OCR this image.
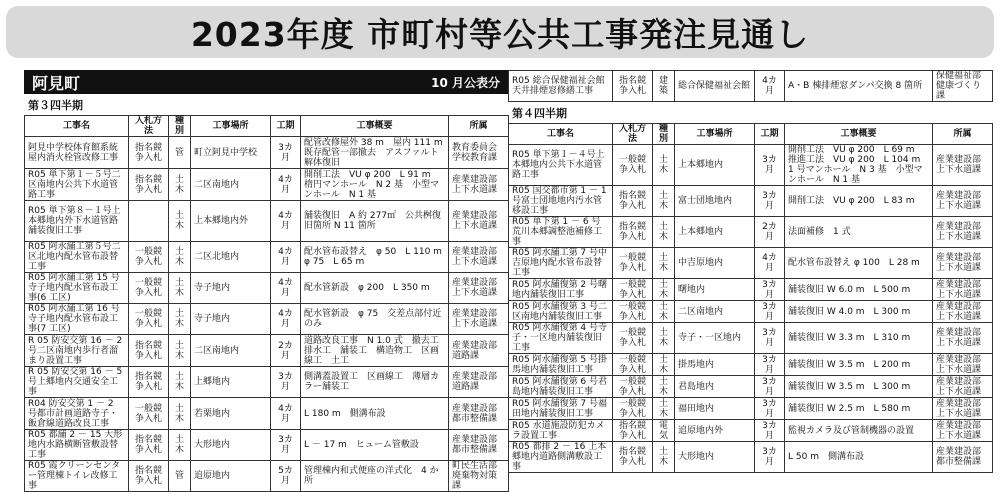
2023年度 市町村等公共工事発注見通し
阿見町	10 月公表分
第３四半期
工事名	入札方法	種別	工事場所	工期	工事概要	所属
阿見中学校体育館系統屋内消火栓管改修工事	指名競争入札	管	町立阿見中学校	3カ月	配管改修屋外 38 m　屋内 111 m　既存配管一部撤去　アスファルト解体復旧	教育委員会学校教育課
R05 単下第１－５号二区南地内公共下水道管路工事	指名競争入札	土木	二区南地内	4カ月	開削工法　VU φ 200　L 91 m　楕円マンホール　N 2 基　小型マンホール　N 1 基	産業建設部上下水道課
R05 単下第８－１号上本郷地内外下水道管路舗装復旧工事		土木	上本郷地内外	4カ月	舗装復旧　A 約 277㎡　公共桝復旧箇所 N 11 箇所	産業建設部上下水道課
R05 阿水舗工第５号二区北地内配水管布設替工事	一般競争入札	土木	二区北地内	4カ月	配水管布設替え　φ 50　L 110 m　φ 75　L 65 m	産業建設部上下水道課
R05 阿水舗工第 15 号寺子地内配水管布設工事(6 工区)	一般競争入札	土木	寺子地内	4カ月	配水管新設　φ 200　L 350 m	産業建設部上下水道課
R05 阿水舗工第 16 号寺子地内配水管布設工事(7 工区)	一般競争入札	土木	寺子地内	4カ月	配水管新設　φ 75　交差点部付近のみ	産業建設部上下水道課
R 05 防安交第 16 － 2 号二区南地内歩行者溜まり設置工事	指名競争入札	土木	二区南地内	2カ月	道路改良工事　N 1.0 式　撤去工　排水工　舗装工　構造物工　区画線工　土工	産業建設部道路課
R 05 防安交第 16 － 5 号上郷地内交通安全工事	指名競争入札	土木	上郷地内	3カ月	側溝蓋設置工　区画線工　薄層カラー舗装工	産業建設部道路課
R04 防安交第 1 － 2 号都市計画道路寺子・飯倉線道路改良工事	一般競争入札	土木	若栗地内	4カ月	L 180 m　側溝布設	産業建設部都市整備課
R05 都舗 2 － 15 大形地内水路横断管敷設替工事	指名競争入札	土木	大形地内	3カ月	L － 17 m　ヒューム管敷設	産業建設部都市整備課
R05 霞クリーンセンター管理棟トイレ改修工事	指名競争入札	管	追原地内	5カ月	管理棟内和式便座の洋式化　4 か所	町民生活部廃棄物対策課
R05 総合保健福祉会館天井排煙窓修繕工事	指名競争入札	建築	総合保健福祉会館	4カ月	A・B 棟排煙窓ダンパ交換 8 箇所	保健福祉部健康づくり課
第４四半期
工事名	入札方法	種別	工事場所	工期	工事概要	所属
R05 単下第１－４号上本郷地内公共下水道管路工事	一般競争入札	土木	上本郷地内	3カ月	開削工法　VU φ 200　L 69 m　推進工法　VU φ 200　L 104 m　1 号マンホール　N 3 基　小型マンホール　N 1 基	産業建設部上下水道課
R05 国交都市第 1 － 1 号富士団地地内汚水管移設工事	指名競争入札	土木	富士団地地内	3カ月	開削工法　VU φ 200　L 83 m	産業建設部上下水道課
R05 単下第 1 － 6 号荒川本郷調整池補修工事	指名競争入札	土木	上本郷地内	2カ月	法面補修　1 式	産業建設部上下水道課
R05 阿水舗工第 7 号中吉原地内配水管布設替工事	一般競争入札	土木	中吉原地内	4カ月	配水管布設替え φ 100　L 28 m	産業建設部上下水道課
R05 阿水舗復第 2 号曙地内舗装復旧工事	一般競争入札	土木	曙地内	3カ月	舗装復旧 W 6.0 m　L 500 m	産業建設部上下水道課
R05 阿水舗復第 3 号二区南地内舗装復旧工事	一般競争入札	土木	二区南地内	3カ月	舗装復旧 W 4.0 m　L 300 m	産業建設部上下水道課
R05 阿水舗復第 4 号寺子・一区地内舗装復旧工事	一般競争入札	土木	寺子・一区地内	3カ月	舗装復旧 W 3.3 m　L 310 m	産業建設部上下水道課
R05 阿水舗復第 5 号掛馬地内舗装復旧工事	一般競争入札	土木	掛馬地内	3カ月	舗装復旧 W 3.5 m　L 200 m	産業建設部上下水道課
R05 阿水舗復第 6 号君島地内舗装復旧工事	一般競争入札	土木	君島地内	3カ月	舗装復旧 W 3.5 m　L 300 m	産業建設部上下水道課
R05 阿水舗復第 7 号福田地内舗装復旧工事	一般競争入札	土木	福田地内	3カ月	舗装復旧 W 2.5 m　L 580 m	産業建設部上下水道課
R05 水道施設防犯カメラ設置工事	指名競争入札	電気	追原地内外	3カ月	監視カメラ及び管制機器の設置	産業建設部上下水道課
R05 都排 2 － 16 上本郷地内道路側溝敷設工事	指名競争入札	土木	大形地内	3カ月	L 50 m　側溝布設	産業建設部都市整備課
